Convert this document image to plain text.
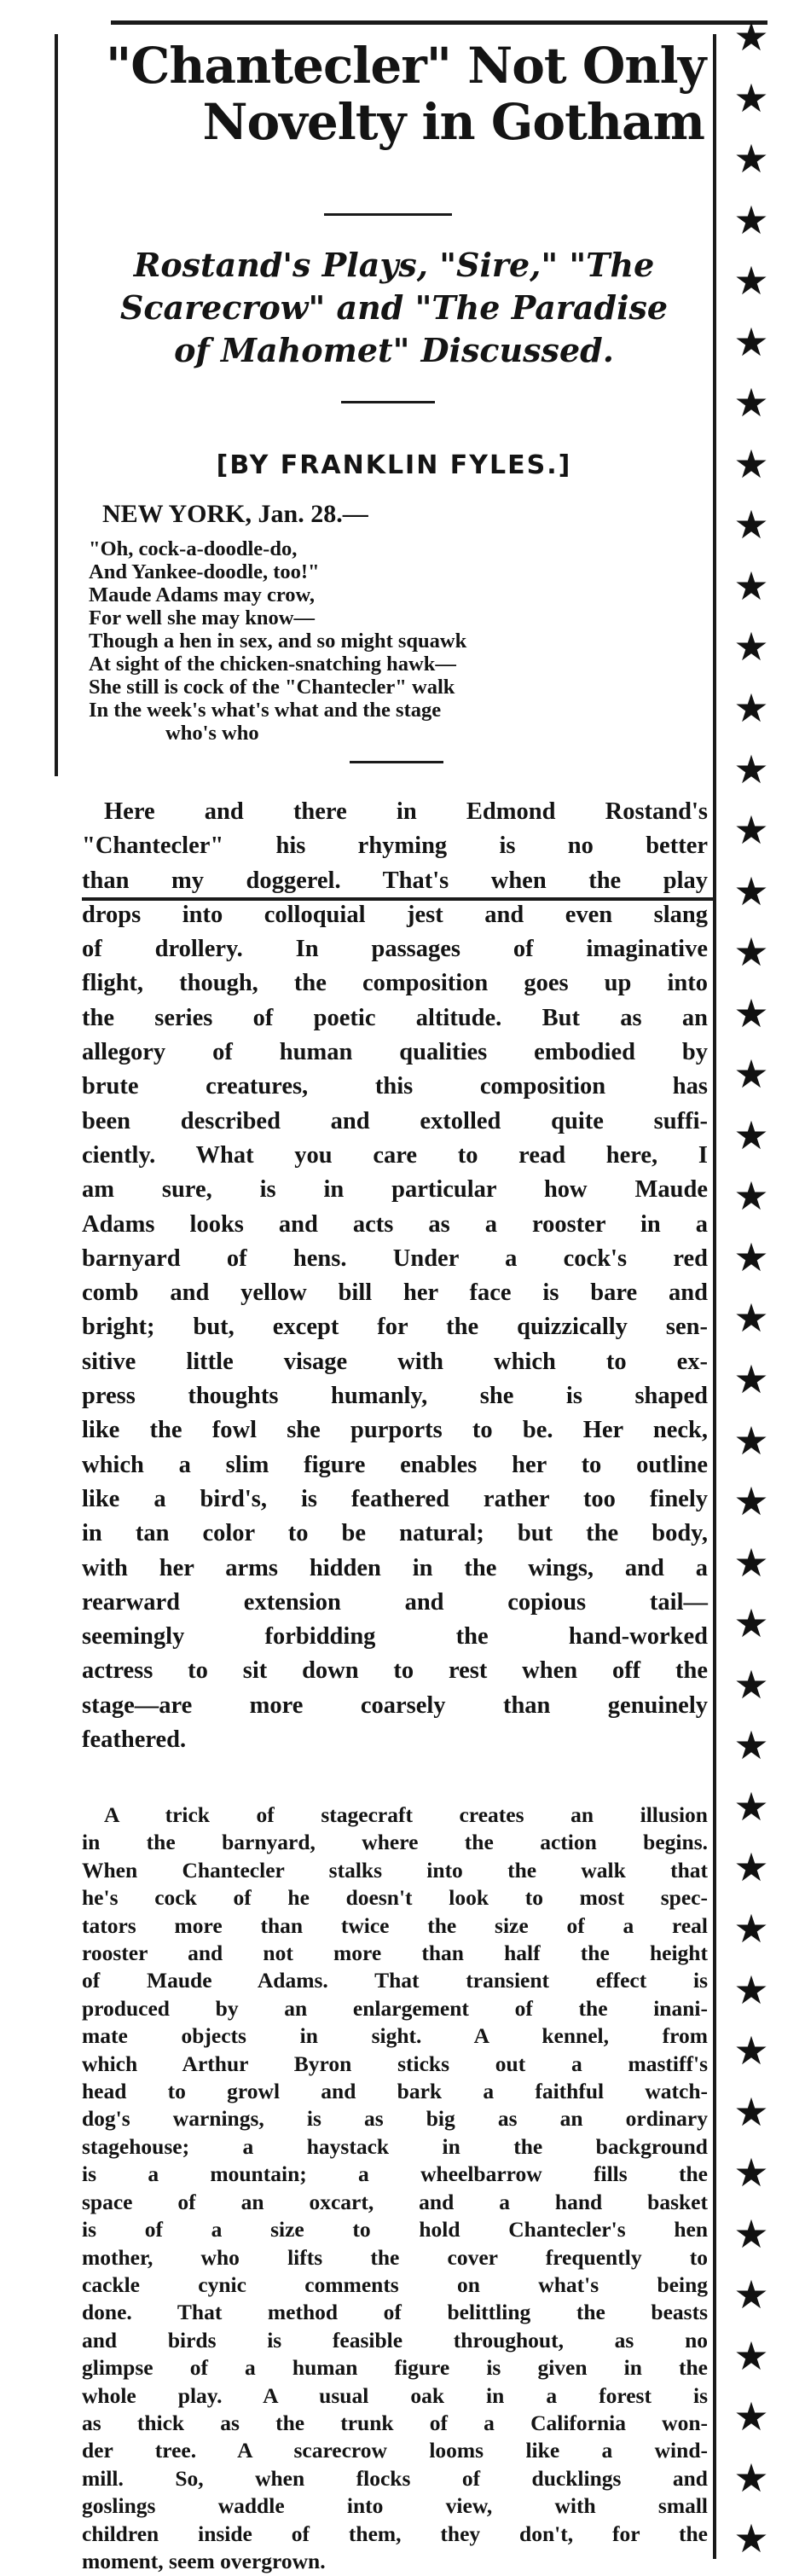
★
★
★
★
★
★
★
★
★
★
★
★
★
★
★
★
★
★
★
★
★
★
★
★
★
★
★
★
★
★
★
★
★
★
★
★
★
★
★
★
★
★
"Chantecler" Not Only
Novelty in Gotham
Rostand's Plays, "Sire," "The
Scarecrow" and "The Paradise
of Mahomet" Discussed.
[BY FRANKLIN FYLES.]
NEW YORK, Jan. 28.—
"Oh, cock-a-doodle-do,
And Yankee-doodle, too!"
Maude Adams may crow,
For well she may know—
Though a hen in sex, and so might squawk
At sight of the chicken-snatching hawk—
She still is cock of the "Chantecler" walk
In the week's what's what and the stage
who's who
Here and there in Edmond Rostand's
"Chantecler" his rhyming is no better
than my doggerel. That's when the play
drops into colloquial jest and even slang
of drollery. In passages of imaginative
flight, though, the composition goes up into
the series of poetic altitude. But as an
allegory of human qualities embodied by
brute creatures, this composition has
been described and extolled quite suffi-
ciently. What you care to read here, I
am sure, is in particular how Maude
Adams looks and acts as a rooster in a
barnyard of hens. Under a cock's red
comb and yellow bill her face is bare and
bright; but, except for the quizzically sen-
sitive little visage with which to ex-
press thoughts humanly, she is shaped
like the fowl she purports to be. Her neck,
which a slim figure enables her to outline
like a bird's, is feathered rather too finely
in tan color to be natural; but the body,
with her arms hidden in the wings, and a
rearward extension and copious tail—
seemingly forbidding the hand-worked
actress to sit down to rest when off the
stage—are more coarsely than genuinely
feathered.
A trick of stagecraft creates an illusion
in the barnyard, where the action begins.
When Chantecler stalks into the walk that
he's cock of he doesn't look to most spec-
tators more than twice the size of a real
rooster and not more than half the height
of Maude Adams. That transient effect is
produced by an enlargement of the inani-
mate objects in sight. A kennel, from
which Arthur Byron sticks out a mastiff's
head to growl and bark a faithful watch-
dog's warnings, is as big as an ordinary
stagehouse; a haystack in the background
is a mountain; a wheelbarrow fills the
space of an oxcart, and a hand basket
is of a size to hold Chantecler's hen
mother, who lifts the cover frequently to
cackle cynic comments on what's being
done. That method of belittling the beasts
and birds is feasible throughout, as no
glimpse of a human figure is given in the
whole play. A usual oak in a forest is
as thick as the trunk of a California won-
der tree. A scarecrow looms like a wind-
mill. So, when flocks of ducklings and
goslings waddle into view, with small
children inside of them, they don't, for the
moment, seem overgrown.
